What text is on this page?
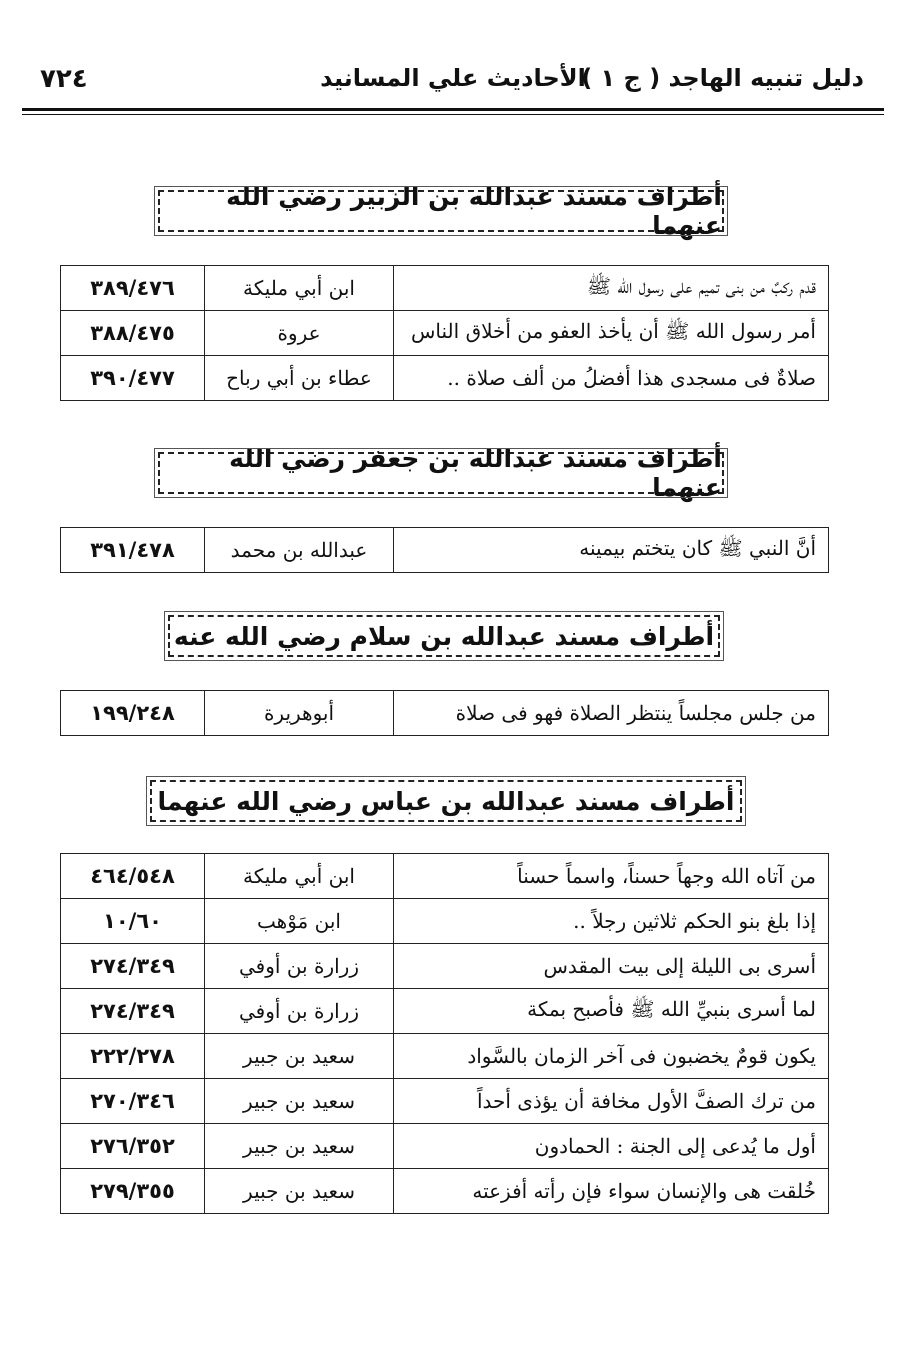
٧٢٤	الأحاديث علي المسانيد
دليل تنبيه الهاجد ( ج ١ )
أطراف مسند عبدالله بن الزبير رضي الله عنهما
قدم ركبٌ من بنى تميم على رسول الله ﷺ	ابن أبي مليكة	٣٨٩/٤٧٦
أمر رسول الله ﷺ أن يأخذ العفو من أخلاق الناس	عروة	٣٨٨/٤٧٥
صلاةٌ فى مسجدى هذا أفضلُ من ألف صلاة ..	عطاء بن أبي رباح	٣٩٠/٤٧٧
أطراف مسند عبدالله بن جعفر رضي الله عنهما
أنَّ النبي ﷺ كان يتختم بيمينه	عبدالله بن محمد	٣٩١/٤٧٨
أطراف مسند عبدالله بن سلام رضي الله عنه
من جلس مجلساً ينتظر الصلاة فهو فى صلاة	أبوهريرة	١٩٩/٢٤٨
أطراف مسند عبدالله بن عباس رضي الله عنهما
من آتاه الله وجهاً حسناً، واسماً حسناً	ابن أبي مليكة	٤٦٤/٥٤٨
إذا بلغ بنو الحكم ثلاثين رجلاً ..	ابن مَوْهب	١٠/٦٠
أسرى بى الليلة إلى بيت المقدس	زرارة بن أوفي	٢٧٤/٣٤٩
لما أسرى بنبيِّ الله ﷺ فأصبح بمكة	زرارة بن أوفي	٢٧٤/٣٤٩
يكون قومٌ يخضبون فى آخر الزمان بالسَّواد	سعيد بن جبير	٢٢٢/٢٧٨
من ترك الصفَّ الأول مخافة أن يؤذى أحداً	سعيد بن جبير	٢٧٠/٣٤٦
أول ما يُدعى إلى الجنة : الحمادون	سعيد بن جبير	٢٧٦/٣٥٢
خُلقت هى والإنسان سواء فإن رأته أفزعته	سعيد بن جبير	٢٧٩/٣٥٥
